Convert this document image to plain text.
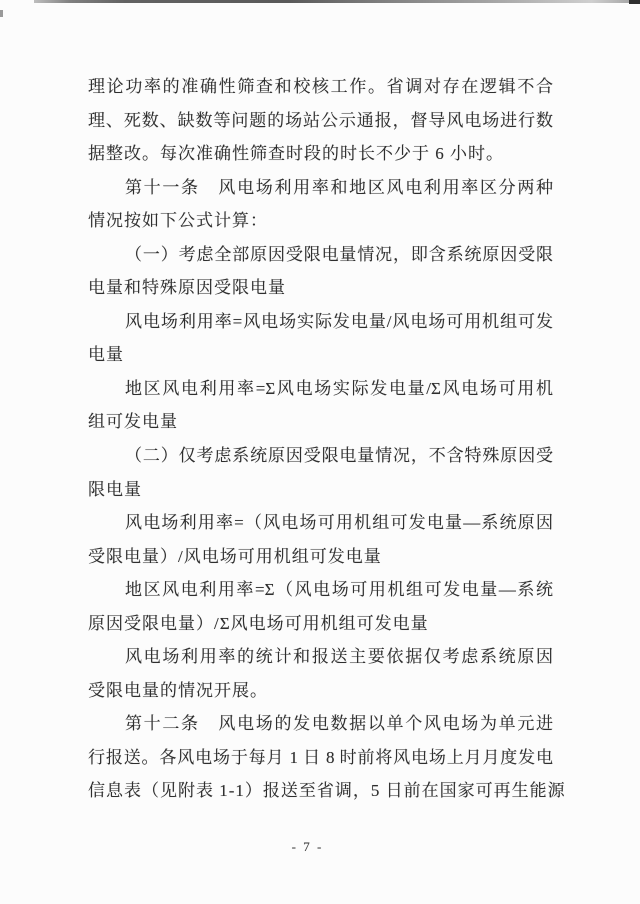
理论功率的准确性筛查和校核工作。省调对存在逻辑不合
理、死数、缺数等问题的场站公示通报，督导风电场进行数
据整改。每次准确性筛查时段的时长不少于 6 小时。
第十一条　风电场利用率和地区风电利用率区分两种
情况按如下公式计算：
（一）考虑全部原因受限电量情况，即含系统原因受限
电量和特殊原因受限电量
风电场利用率=风电场实际发电量/风电场可用机组可发
电量
地区风电利用率=Σ风电场实际发电量/Σ风电场可用机
组可发电量
（二）仅考虑系统原因受限电量情况，不含特殊原因受
限电量
风电场利用率=（风电场可用机组可发电量—系统原因
受限电量）/风电场可用机组可发电量
地区风电利用率=Σ（风电场可用机组可发电量—系统
原因受限电量）/Σ风电场可用机组可发电量
风电场利用率的统计和报送主要依据仅考虑系统原因
受限电量的情况开展。
第十二条　风电场的发电数据以单个风电场为单元进
行报送。各风电场于每月 1 日 8 时前将风电场上月月度发电
信息表（见附表 1-1）报送至省调，5 日前在国家可再生能源
- 7 -
